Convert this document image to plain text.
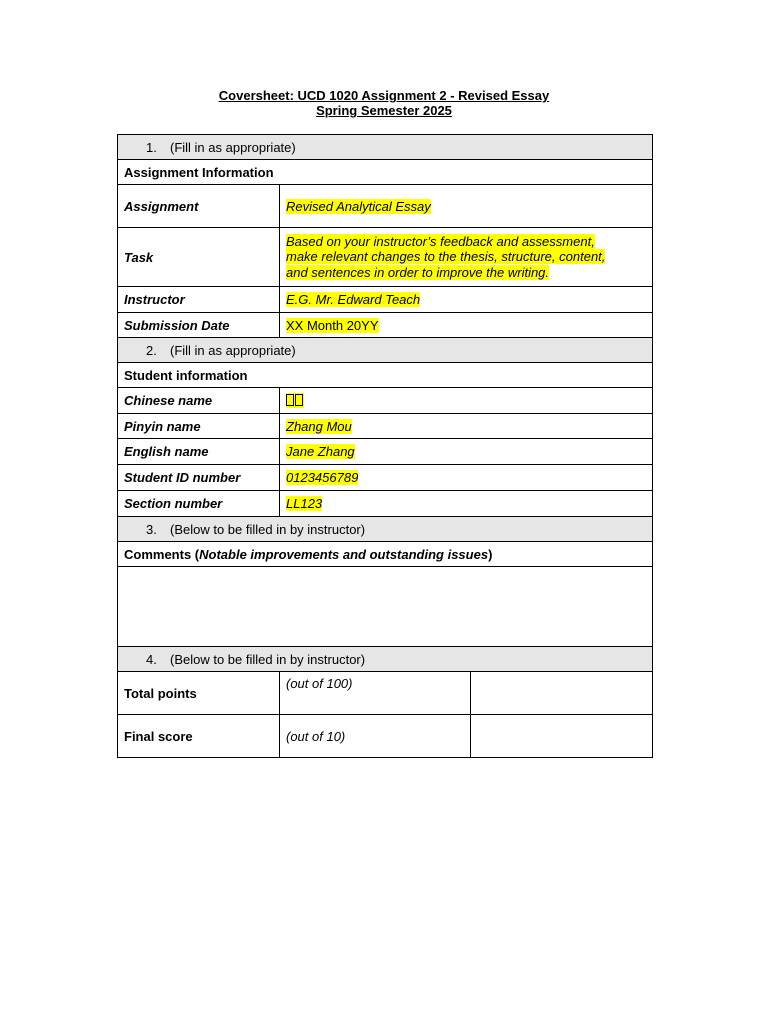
Coversheet: UCD 1020 Assignment 2 - Revised Essay
Spring Semester 2025
1. (Fill in as appropriate)		
Assignment Information		
Assignment	Revised Analytical Essay	
Task	Based on your instructor’s feedback and assessment, make relevant changes to the thesis, structure, content, and sentences in order to improve the writing.	
Instructor	E.G. Mr. Edward Teach	
Submission Date	XX Month 20YY	
2. (Fill in as appropriate)		
Student information		
Chinese name		
Pinyin name	Zhang Mou	
English name	Jane Zhang	
Student ID number	0123456789	
Section number	LL123	
3. (Below to be filled in by instructor)		
Comments (Notable improvements and outstanding issues)		

4. (Below to be filled in by instructor)		
Total points	(out of 100)	
Final score	(out of 10)	
